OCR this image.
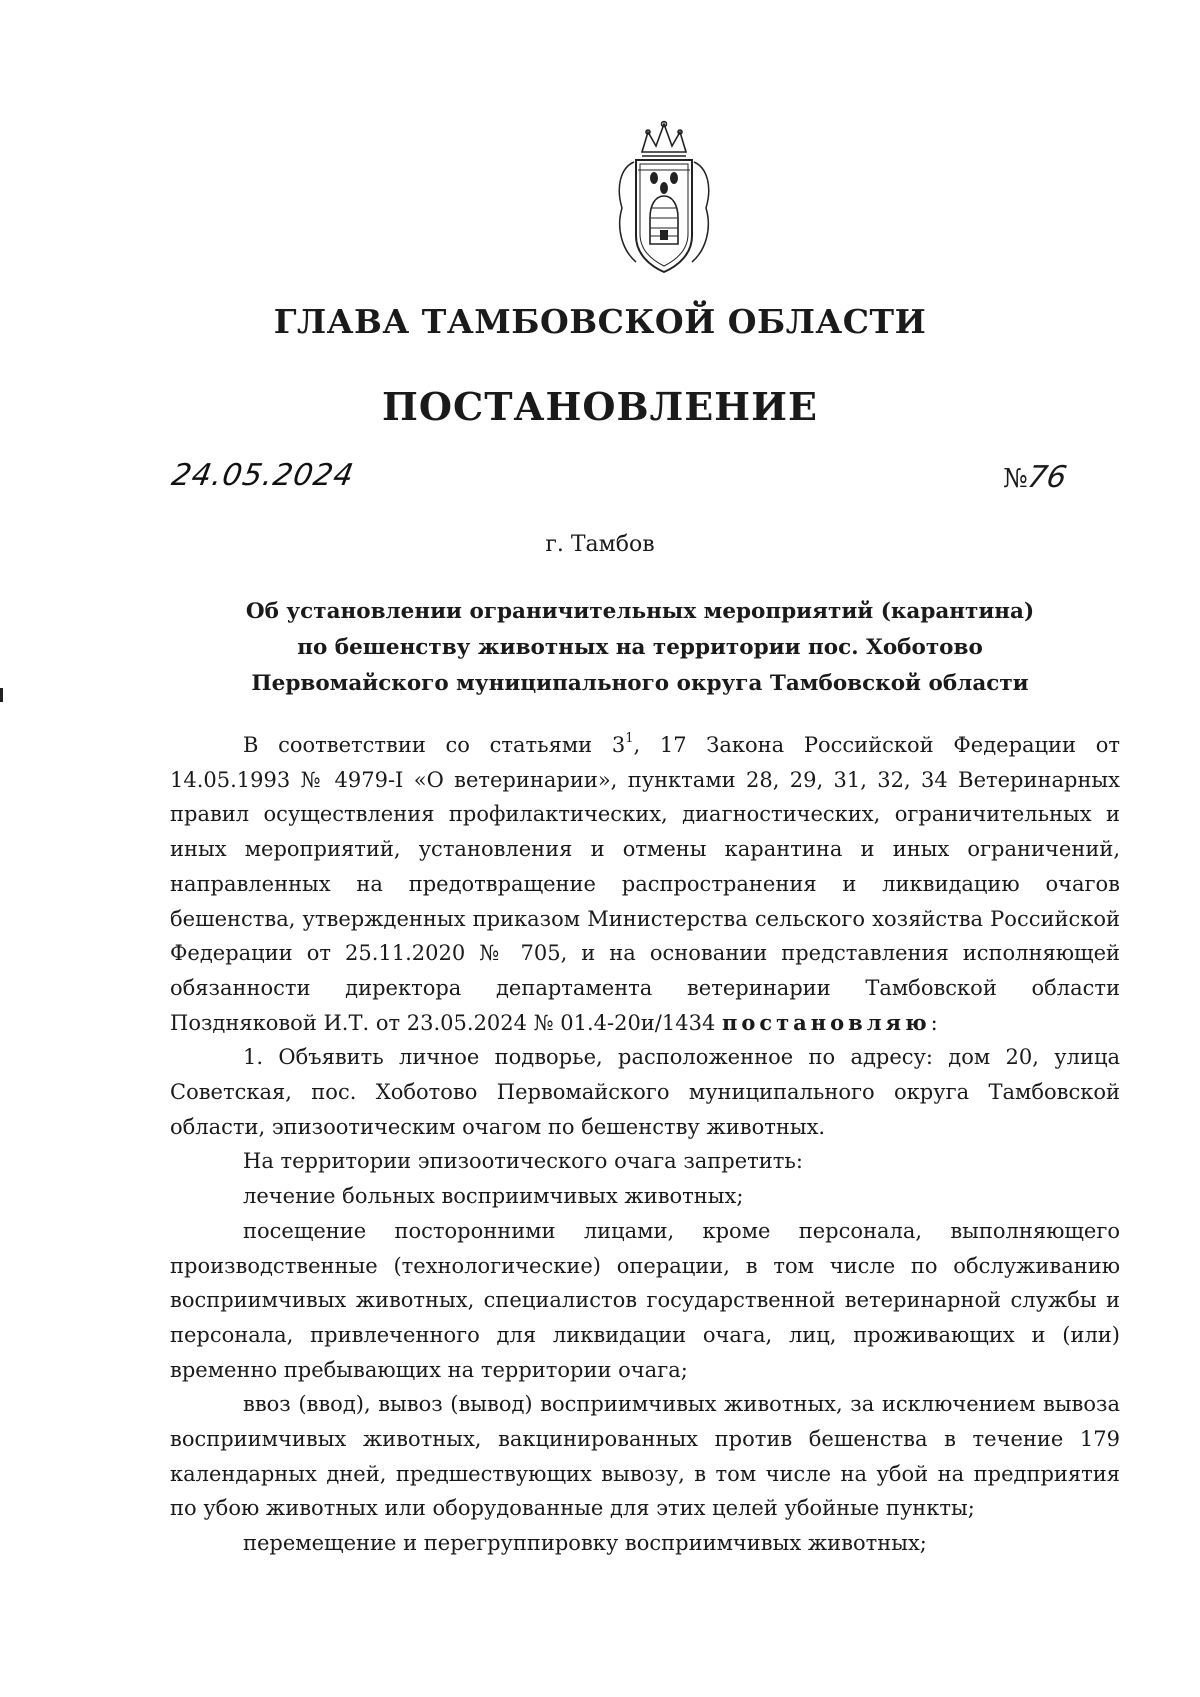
ГЛАВА ТАМБОВСКОЙ ОБЛАСТИ
ПОСТАНОВЛЕНИЕ
24.05.2024	№76
г. Тамбов
Об установлении ограничительных мероприятий (карантина)
по бешенству животных на территории пос. Хоботово
Первомайского муниципального округа Тамбовской области

В соответствии со статьями $3^1$, 17 Закона Российской Федерации от 14.05.1993 № 4979-I «О ветеринарии», пунктами 28, 29, 31, 32, 34 Ветеринарных правил осуществления профилактических, диагностических, ограничительных и иных мероприятий, установления и отмены карантина и иных ограничений, направленных на предотвращение распространения и ликвидацию очагов бешенства, утвержденных приказом Министерства сельского хозяйства Российской Федерации от 25.11.2020 № 705, и на основании представления исполняющей обязанности директора департамента ветеринарии Тамбовской области Поздняковой И.Т. от 23.05.2024 № 01.4-20и/1434 постановляю:

1. Объявить личное подворье, расположенное по адресу: дом 20, улица Советская, пос. Хоботово Первомайского муниципального округа Тамбовской области, эпизоотическим очагом по бешенству животных.

На территории эпизоотического очага запретить:

лечение больных восприимчивых животных;

посещение посторонними лицами, кроме персонала, выполняющего производственные (технологические) операции, в том числе по обслуживанию восприимчивых животных, специалистов государственной ветеринарной службы и персонала, привлеченного для ликвидации очага, лиц, проживающих и (или) временно пребывающих на территории очага;

ввоз (ввод), вывоз (вывод) восприимчивых животных, за исключением вывоза восприимчивых животных, вакцинированных против бешенства в течение 179 календарных дней, предшествующих вывозу, в том числе на убой на предприятия по убою животных или оборудованные для этих целей убойные пункты;

перемещение и перегруппировку восприимчивых животных;
